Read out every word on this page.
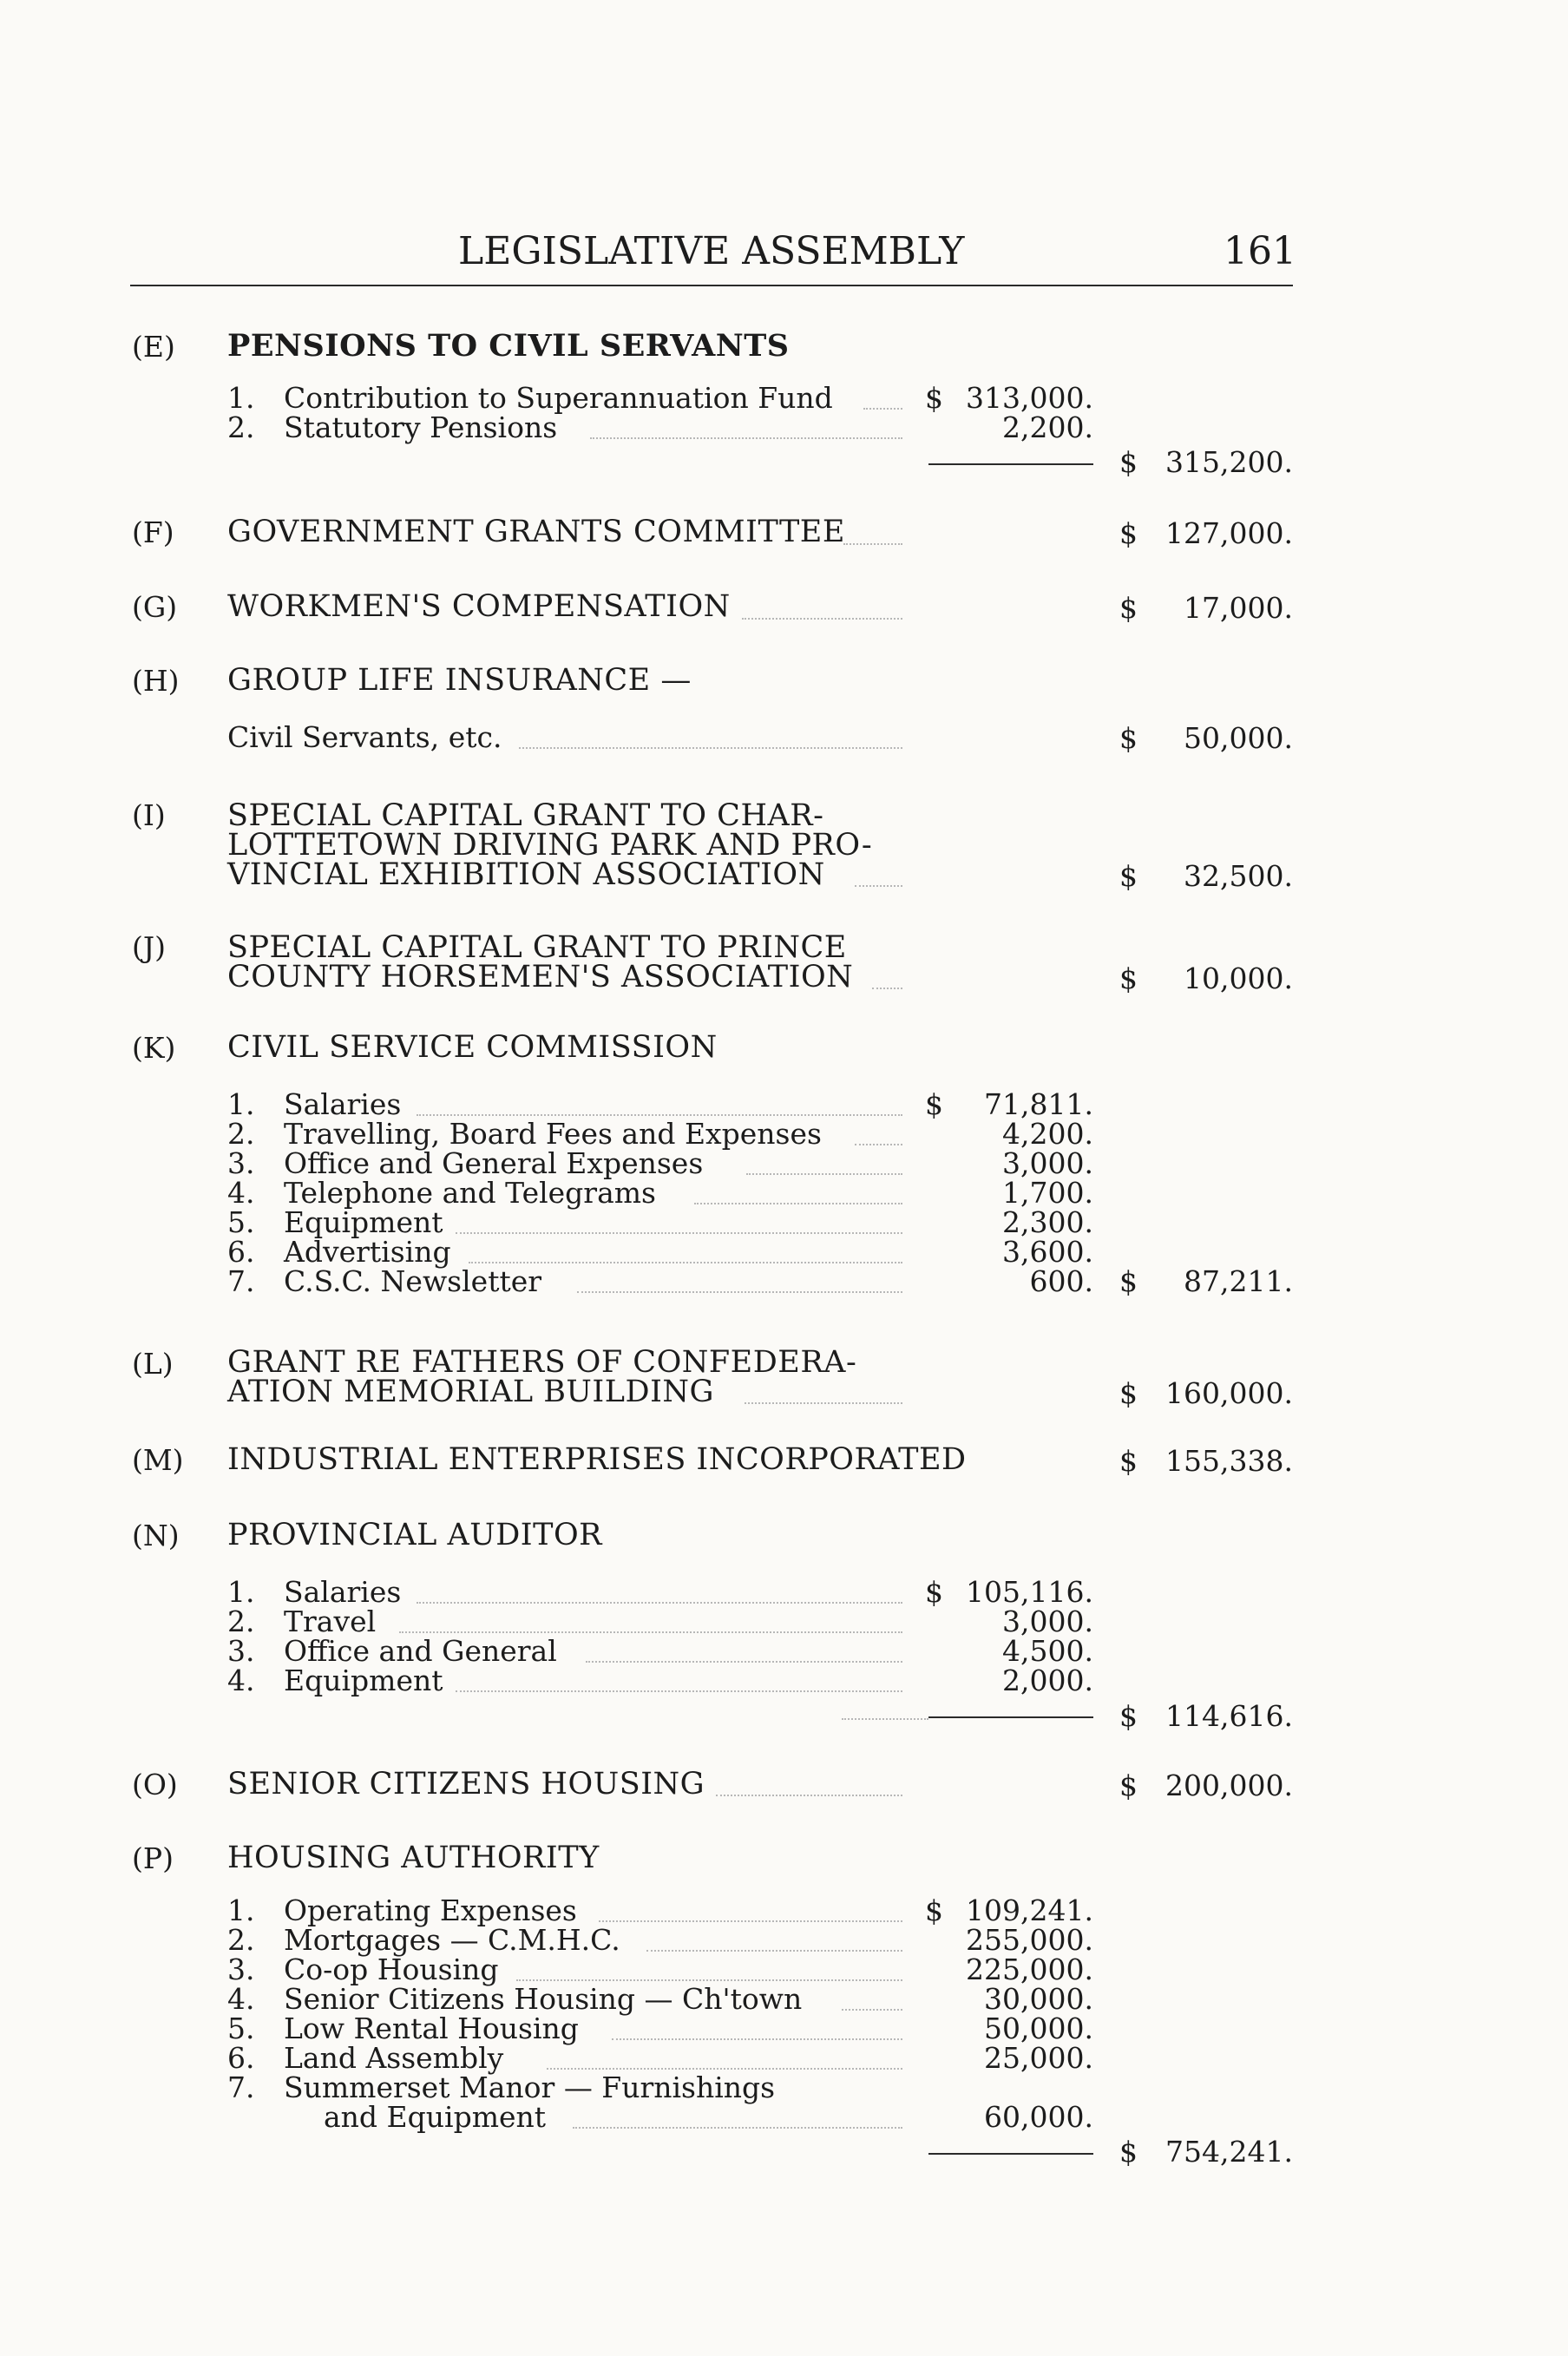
LEGISLATIVE ASSEMBLY	161
(E) PENSIONS TO CIVIL SERVANTS
1. Contribution to Superannuation Fund	$ 313,000.
2. Statutory Pensions	2,200.
$ 315,200.
(F) GOVERNMENT GRANTS COMMITTEE	$ 127,000.
(G) WORKMEN'S COMPENSATION	$	17,000.
(H) GROUP LIFE INSURANCE —
Civil Servants, etc.	$	50,000.
(I) SPECIAL CAPITAL GRANT TO CHAR-
LOTTETOWN DRIVING PARK AND PRO-
VINCIAL EXHIBITION ASSOCIATION	$	32,500.
(J) SPECIAL CAPITAL GRANT TO PRINCE
COUNTY HORSEMEN'S ASSOCIATION	$	10,000.
(K) CIVIL SERVICE COMMISSION
1. Salaries	$	71,811.
2. Travelling, Board Fees and Expenses	4,200.
3. Office and General Expenses	3,000.
4. Telephone and Telegrams	1,700.
5. Equipment	2,300.
6. Advertising	3,600.
7. C.S.C. Newsletter	600. $	87,211.
(L) GRANT RE FATHERS OF CONFEDERA-
ATION MEMORIAL BUILDING	$ 160,000.
(M) INDUSTRIAL ENTERPRISES INCORPORATED	$ 155,338.
(N) PROVINCIAL AUDITOR
1. Salaries	$ 105,116.
2. Travel	3,000.
3. Office and General	4,500.
4. Equipment	2,000.
$ 114,616.
(O) SENIOR CITIZENS HOUSING	$ 200,000.
(P) HOUSING AUTHORITY
1. Operating Expenses	$ 109,241.
2. Mortgages — C.M.H.C.	255,000.
3. Co-op Housing	225,000.
4. Senior Citizens Housing — Ch'town	30,000.
5. Low Rental Housing	50,000.
6. Land Assembly	25,000.
7. Summerset Manor — Furnishings
and Equipment	60,000.
$ 754,241.
